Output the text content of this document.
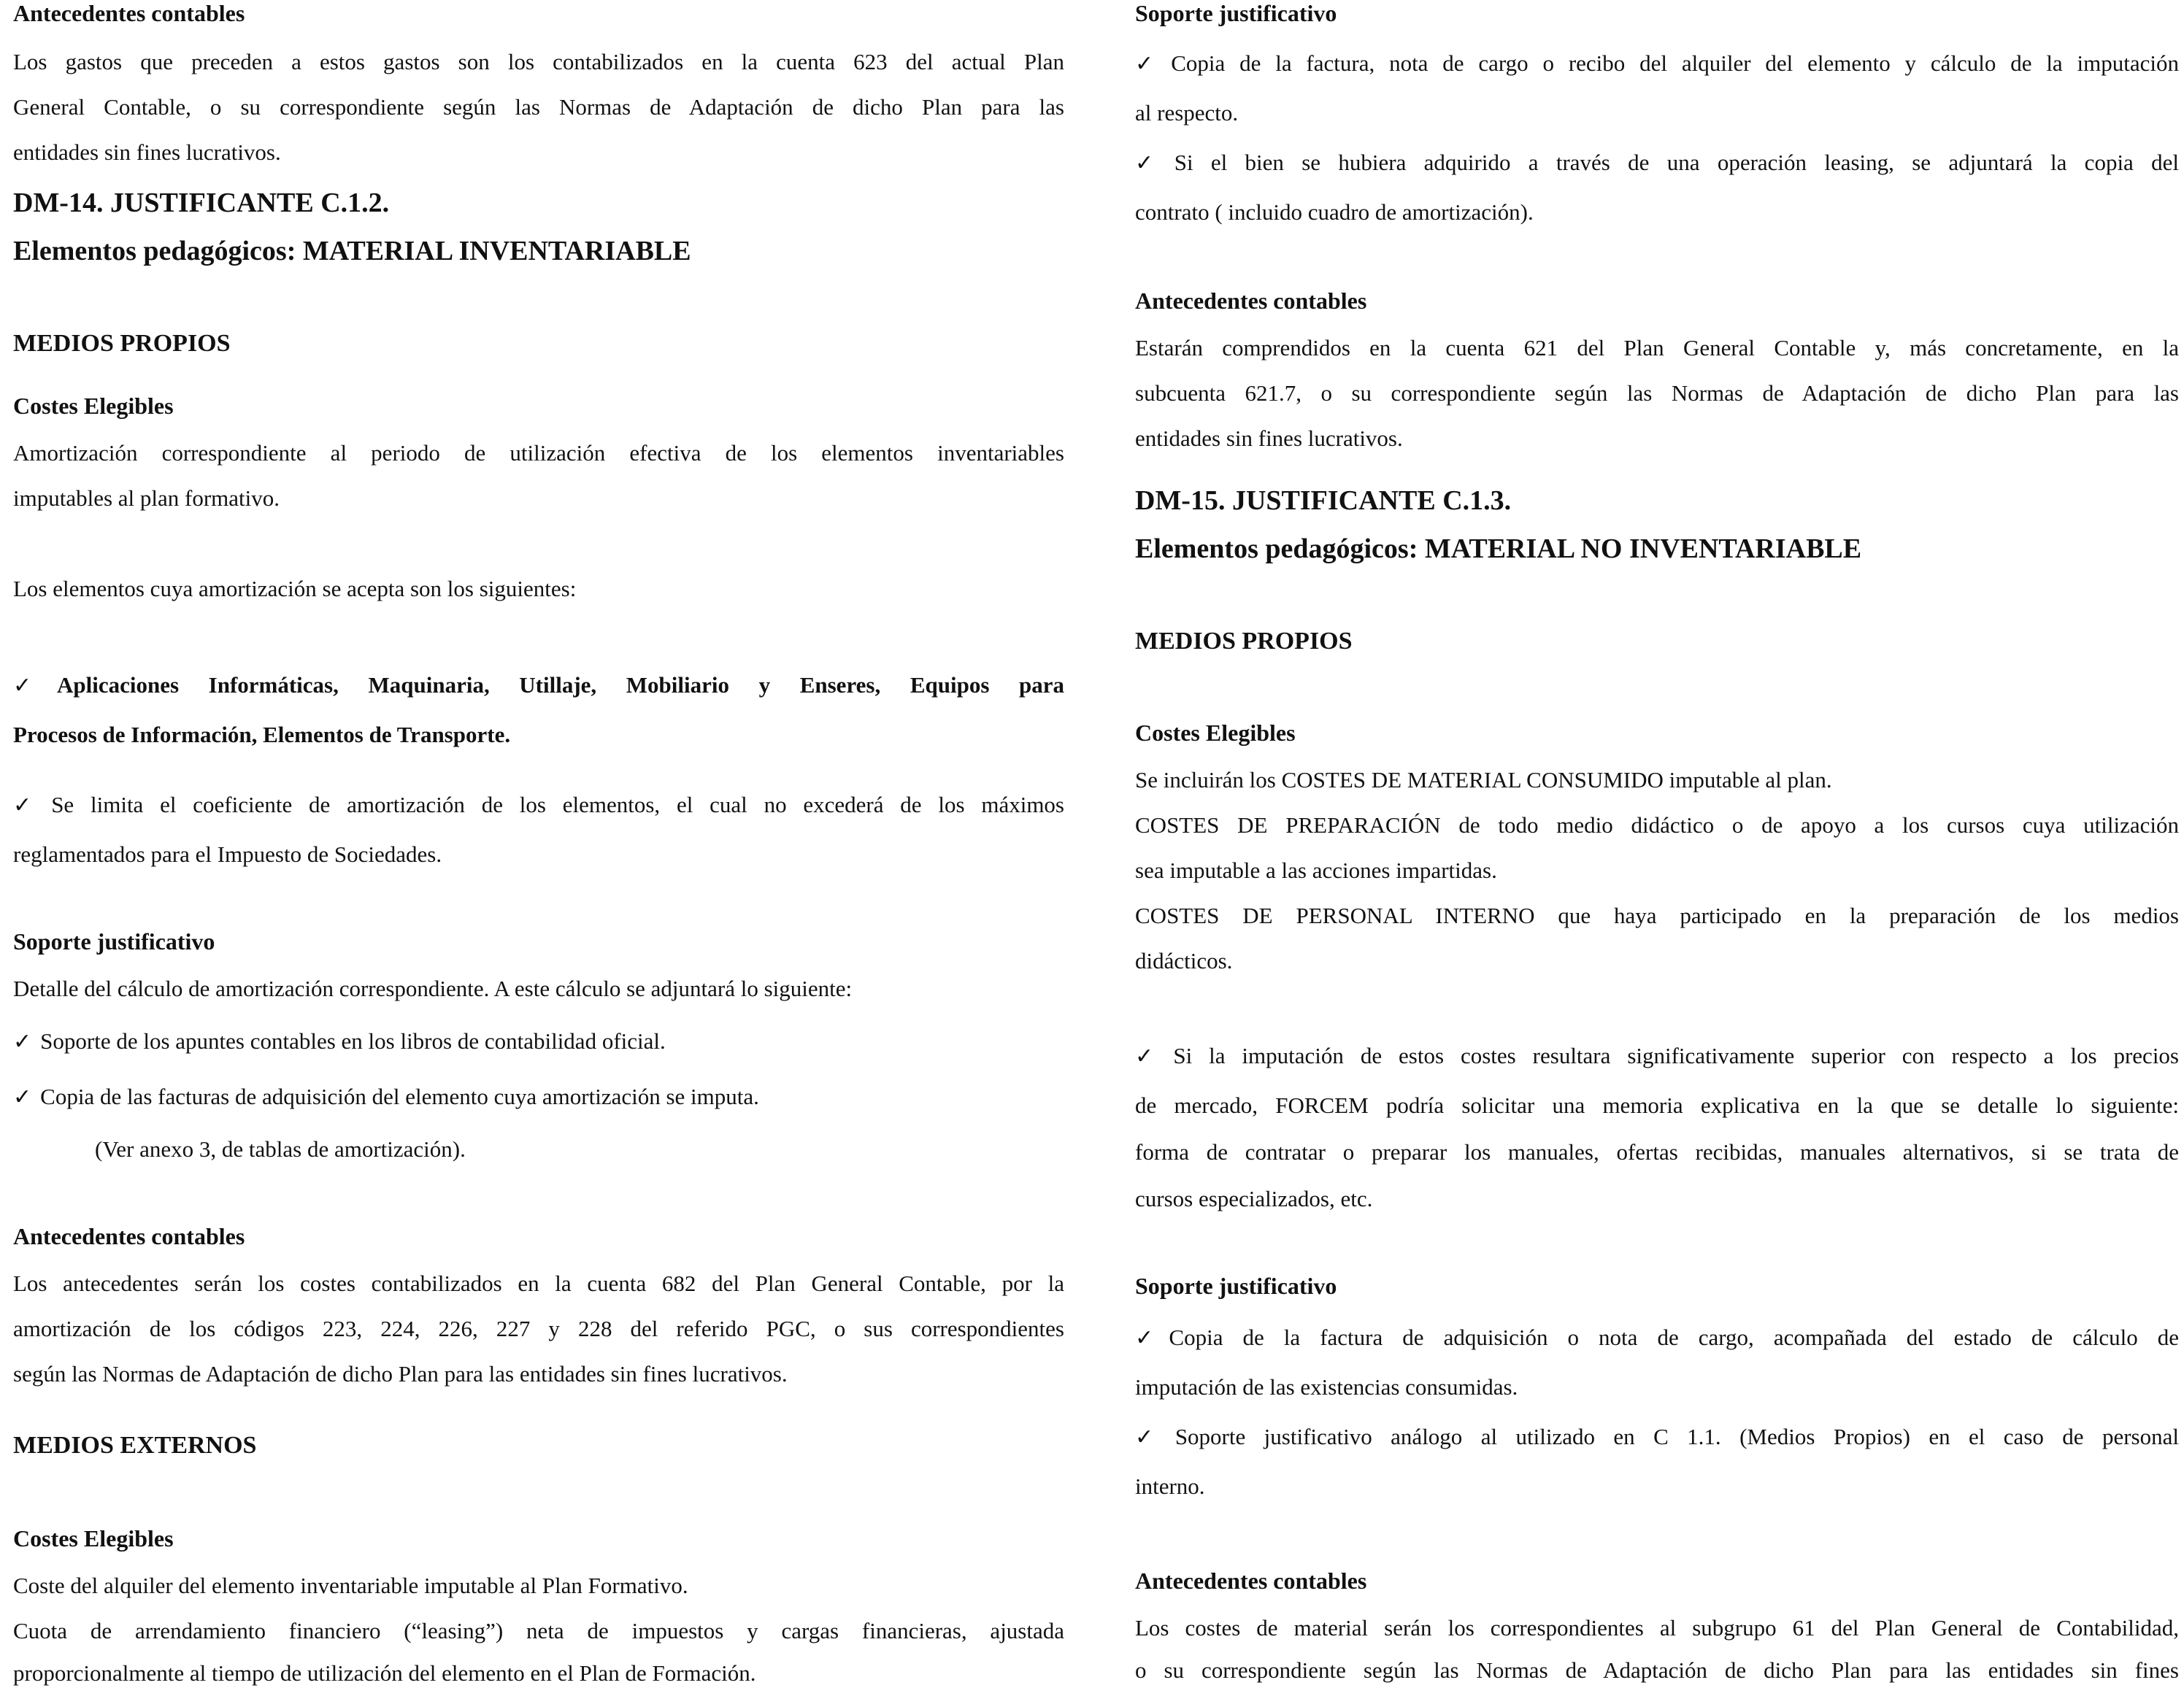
Antecedentes contables
Los gastos que preceden a estos gastos son los contabilizados en la cuenta 623 del actual Plan
General Contable, o su correspondiente según las Normas de Adaptación de dicho Plan para las
entidades sin fines lucrativos.
DM-14. JUSTIFICANTE C.1.2.
Elementos pedagógicos: MATERIAL INVENTARIABLE
MEDIOS PROPIOS
Costes Elegibles
Amortización correspondiente al periodo de utilización efectiva de los elementos inventariables
imputables al plan formativo.
Los elementos cuya amortización se acepta son los siguientes:
✓Aplicaciones Informáticas, Maquinaria, Utillaje, Mobiliario y Enseres, Equipos para
Procesos de Información, Elementos de Transporte.
✓ Se limita el coeficiente de amortización de los elementos, el cual no excederá de los máximos
reglamentados para el Impuesto de Sociedades.
Soporte justificativo
Detalle del cálculo de amortización correspondiente. A este cálculo se adjuntará lo siguiente:
✓ Soporte de los apuntes contables en los libros de contabilidad oficial.
✓ Copia de las facturas de adquisición del elemento cuya amortización se imputa.
(Ver anexo 3, de tablas de amortización).
Antecedentes contables
Los antecedentes serán los costes contabilizados en la cuenta 682 del Plan General Contable, por la
amortización de los códigos 223, 224, 226, 227 y 228 del referido PGC, o sus correspondientes
según las Normas de Adaptación de dicho Plan para las entidades sin fines lucrativos.
MEDIOS EXTERNOS
Costes Elegibles
Coste del alquiler del elemento inventariable imputable al Plan Formativo.
Cuota de arrendamiento financiero (“leasing”) neta de impuestos y cargas financieras, ajustada
proporcionalmente al tiempo de utilización del elemento en el Plan de Formación.
Soporte justificativo
✓ Copia de la factura, nota de cargo o recibo del alquiler del elemento y cálculo de la imputación
al respecto.
✓ Si el bien se hubiera adquirido a través de una operación leasing, se adjuntará la copia del
contrato ( incluido cuadro de amortización).
Antecedentes contables
Estarán comprendidos en la cuenta 621 del Plan General Contable y, más concretamente, en la
subcuenta 621.7, o su correspondiente según las Normas de Adaptación de dicho Plan para las
entidades sin fines lucrativos.
DM-15. JUSTIFICANTE C.1.3.
Elementos pedagógicos: MATERIAL NO INVENTARIABLE
MEDIOS PROPIOS
Costes Elegibles
Se incluirán los COSTES DE MATERIAL CONSUMIDO imputable al plan.
COSTES DE PREPARACIÓN de todo medio didáctico o de apoyo a los cursos cuya utilización
sea imputable a las acciones impartidas.
COSTES DE PERSONAL INTERNO que haya participado en la preparación de los medios
didácticos.
✓ Si la imputación de estos costes resultara significativamente superior con respecto a los precios
de mercado, FORCEM podría solicitar una memoria explicativa en la que se detalle lo siguiente:
forma de contratar o preparar los manuales, ofertas recibidas, manuales alternativos, si se trata de
cursos especializados, etc.
Soporte justificativo
✓Copia de la factura de adquisición o nota de cargo, acompañada del estado de cálculo de
imputación de las existencias consumidas.
✓ Soporte justificativo análogo al utilizado en C 1.1. (Medios Propios) en el caso de personal
interno.
Antecedentes contables
Los costes de material serán los correspondientes al subgrupo 61 del Plan General de Contabilidad,
o su correspondiente según las Normas de Adaptación de dicho Plan para las entidades sin fines
